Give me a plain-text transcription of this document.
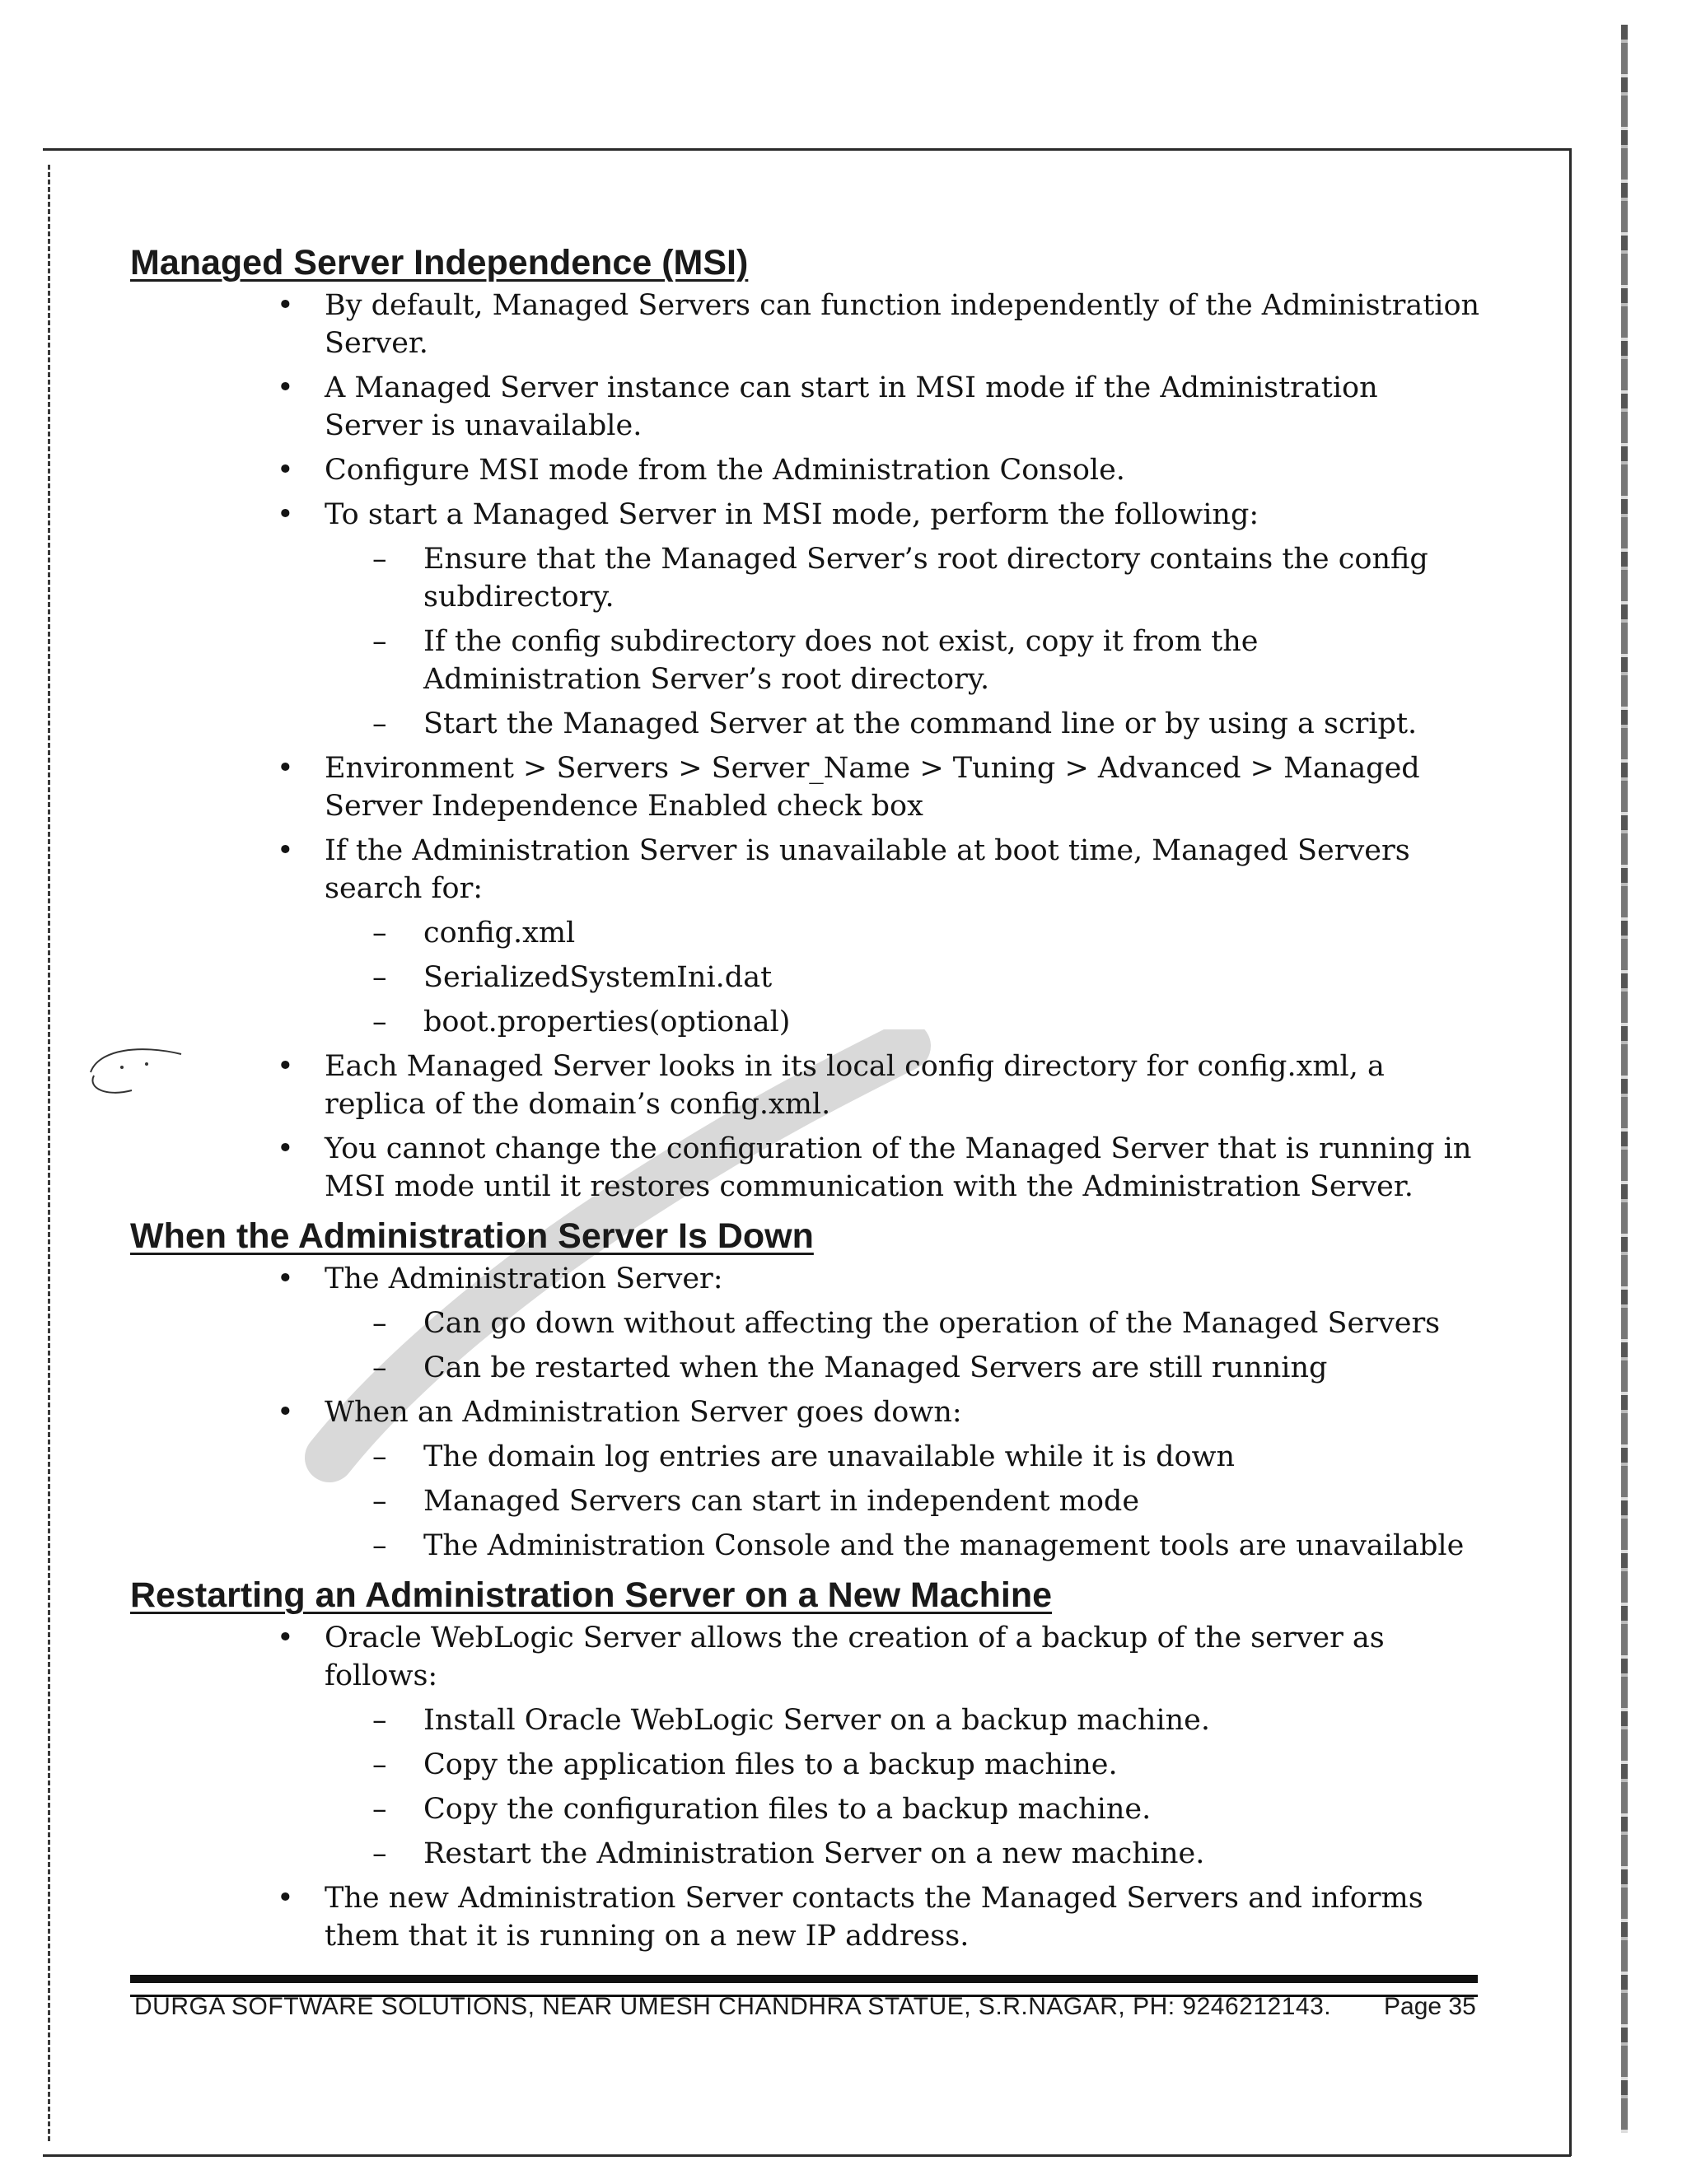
Managed Server Independence (MSI)
• By default, Managed Servers can function independently of the Administration Server.
• A Managed Server instance can start in MSI mode if the Administration Server is unavailable.
• Configure MSI mode from the Administration Console.
• To start a Managed Server in MSI mode, perform the following:
– Ensure that the Managed Server’s root directory contains the config subdirectory.
– If the config subdirectory does not exist, copy it from the Administration Server’s root directory.
– Start the Managed Server at the command line or by using a script.
• Environment > Servers > Server_Name > Tuning > Advanced > Managed Server Independence Enabled check box
• If the Administration Server is unavailable at boot time, Managed Servers search for:
– config.xml
– SerializedSystemIni.dat
– boot.properties(optional)
• Each Managed Server looks in its local config directory for config.xml, a replica of the domain’s config.xml.
• You cannot change the configuration of the Managed Server that is running in MSI mode until it restores communication with the Administration Server.
When the Administration Server Is Down
• The Administration Server:
– Can go down without affecting the operation of the Managed Servers
– Can be restarted when the Managed Servers are still running
• When an Administration Server goes down:
– The domain log entries are unavailable while it is down
– Managed Servers can start in independent mode
– The Administration Console and the management tools are unavailable
Restarting an Administration Server on a New Machine
• Oracle WebLogic Server allows the creation of a backup of the server as follows:
– Install Oracle WebLogic Server on a backup machine.
– Copy the application files to a backup machine.
– Copy the configuration files to a backup machine.
– Restart the Administration Server on a new machine.
• The new Administration Server contacts the Managed Servers and informs them that it is running on a new IP address.
DURGA SOFTWARE SOLUTIONS, NEAR UMESH CHANDHRA STATUE, S.R.NAGAR, PH: 9246212143. Page 35
